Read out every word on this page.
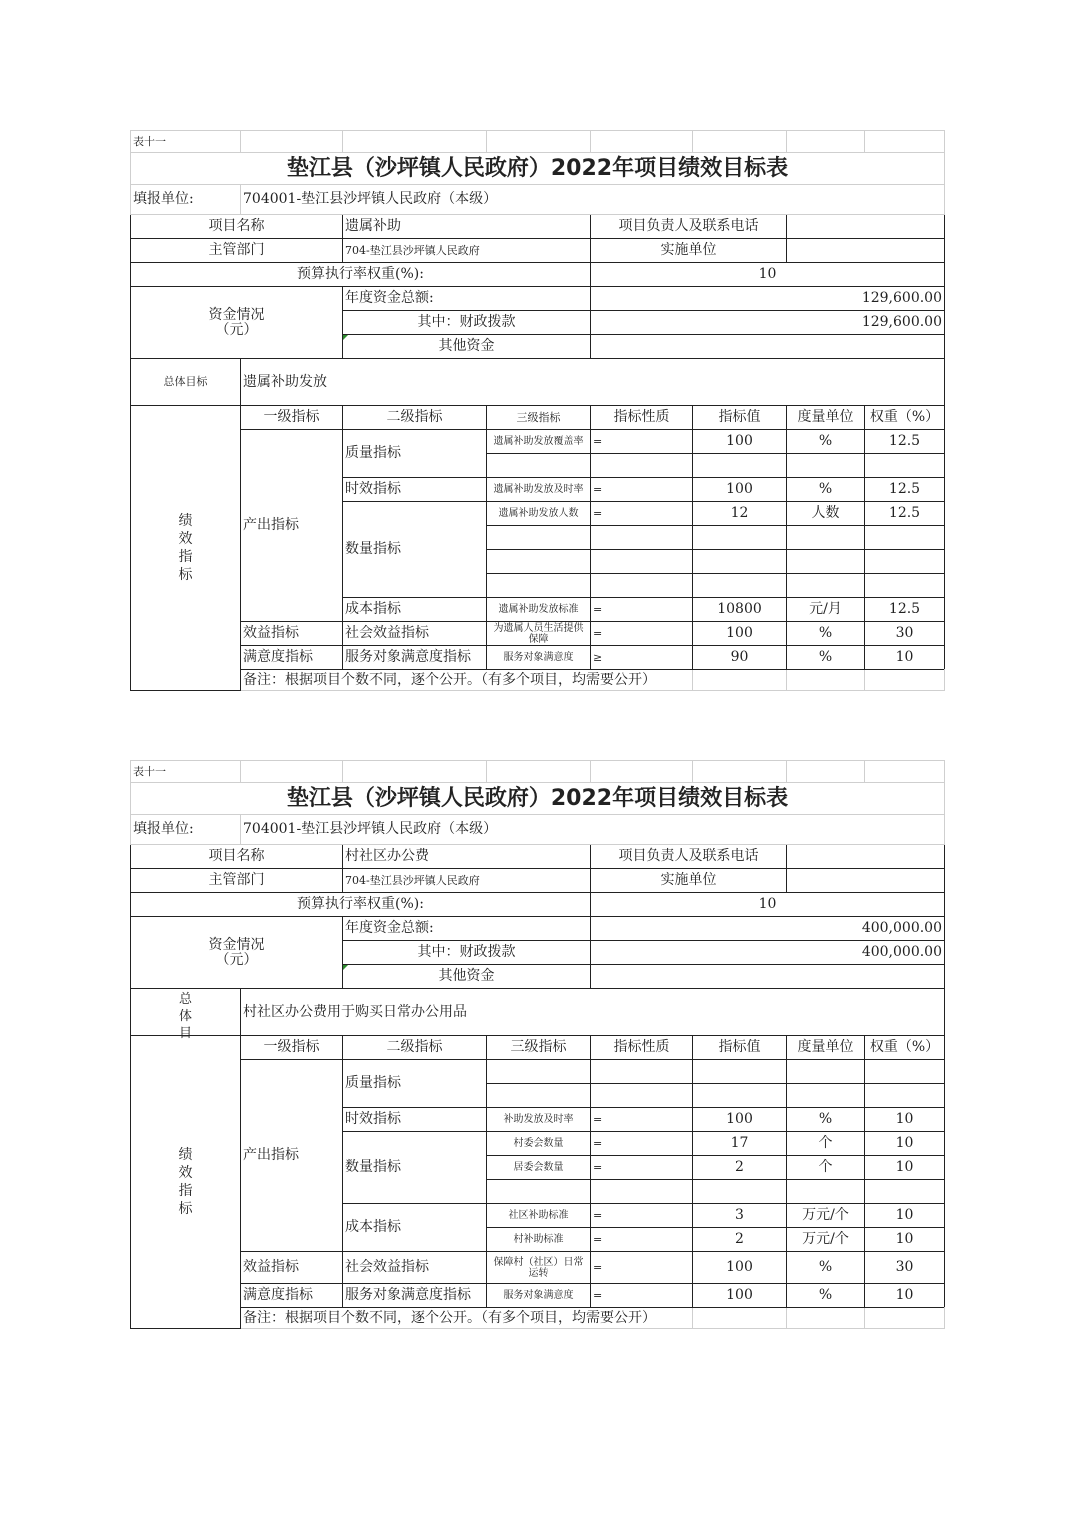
表十一								
垫江县（沙坪镇人民政府）2022年项目绩效目标表								
填报单位:	704001-垫江县沙坪镇人民政府（本级）							
项目名称		遗属补助		项目负责人及联系电话				
主管部门		704-垫江县沙坪镇人民政府		实施单位				
预算执行率权重(%):				10				
资金情况
（元）		年度资金总额:		129,600.00				
		其中：财政拨款		129,600.00				
		其他资金						
总体目标	遗属补助发放							

绩
效
指
标	一级指标	二级指标	三级指标	指标性质	指标值	度量单位	权重（%）	
	产出指标	质量指标	遗属补助发放覆盖率	=	100	%	12.5	

		时效指标	遗属补助发放及时率	=	100	%	12.5	
		数量指标	遗属补助发放人数	=	12	人数	12.5	

		成本指标	遗属补助发放标准	=	10800	元/月	12.5	
	效益指标	社会效益指标	为遗属人员生活提供保障	=	100	%	30	
	满意度指标	服务对象满意度指标	服务对象满意度	≥	90	%	10	
	备注：根据项目个数不同，逐个公开。（有多个项目，均需要公开）							
表十一								
垫江县（沙坪镇人民政府）2022年项目绩效目标表								
填报单位:	704001-垫江县沙坪镇人民政府（本级）							
项目名称		村社区办公费		项目负责人及联系电话				
主管部门		704-垫江县沙坪镇人民政府		实施单位				
预算执行率权重(%):				10				
资金情况
（元）		年度资金总额:		400,000.00				
		其中：财政拨款		400,000.00				
		其他资金						

总
体
目	村社区办公费用于购买日常办公用品							

绩
效
指
标	一级指标	二级指标	三级指标	指标性质	指标值	度量单位	权重（%）	
	产出指标	质量指标						

		时效指标	补助发放及时率	=	100	%	10	
		数量指标	村委会数量	=	17	个	10	
			居委会数量	=	2	个	10	

		成本指标	社区补助标准	=	3	万元/个	10	
			村补助标准	=	2	万元/个	10	
	效益指标	社会效益指标	保障村（社区）日常运转	=	100	%	30	
	满意度指标	服务对象满意度指标	服务对象满意度	=	100	%	10	
	备注：根据项目个数不同，逐个公开。（有多个项目，均需要公开）							
